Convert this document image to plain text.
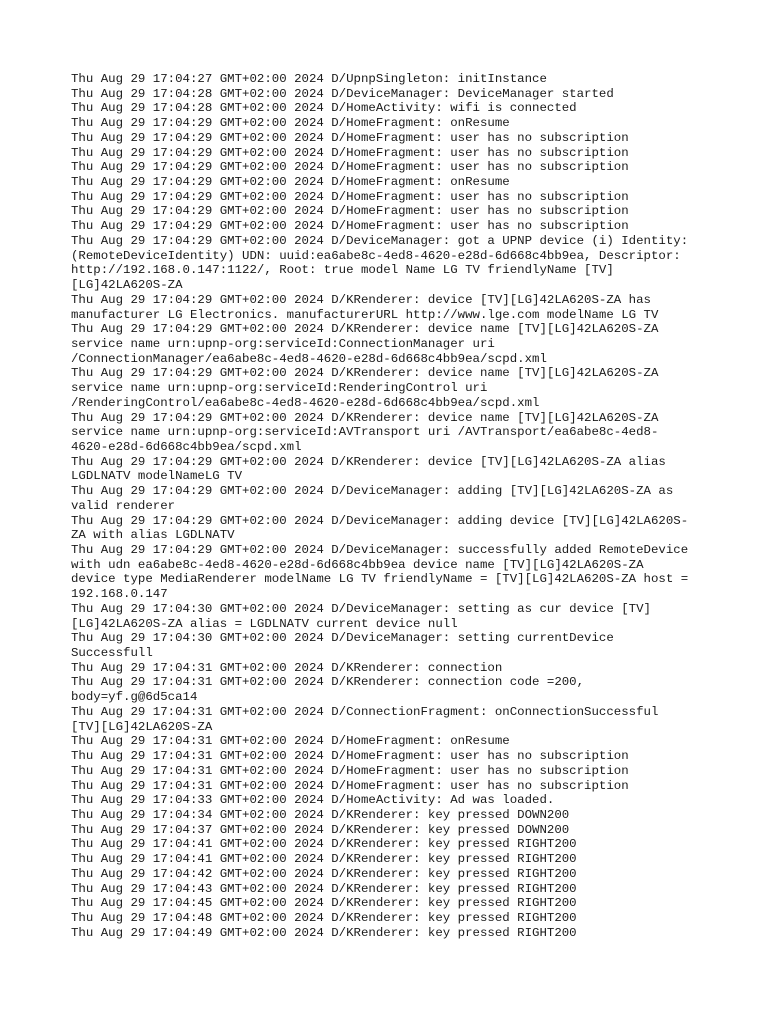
Thu Aug 29 17:04:27 GMT+02:00 2024 D/UpnpSingleton: initInstance
Thu Aug 29 17:04:28 GMT+02:00 2024 D/DeviceManager: DeviceManager started
Thu Aug 29 17:04:28 GMT+02:00 2024 D/HomeActivity: wifi is connected
Thu Aug 29 17:04:29 GMT+02:00 2024 D/HomeFragment: onResume
Thu Aug 29 17:04:29 GMT+02:00 2024 D/HomeFragment: user has no subscription
Thu Aug 29 17:04:29 GMT+02:00 2024 D/HomeFragment: user has no subscription
Thu Aug 29 17:04:29 GMT+02:00 2024 D/HomeFragment: user has no subscription
Thu Aug 29 17:04:29 GMT+02:00 2024 D/HomeFragment: onResume
Thu Aug 29 17:04:29 GMT+02:00 2024 D/HomeFragment: user has no subscription
Thu Aug 29 17:04:29 GMT+02:00 2024 D/HomeFragment: user has no subscription
Thu Aug 29 17:04:29 GMT+02:00 2024 D/HomeFragment: user has no subscription
Thu Aug 29 17:04:29 GMT+02:00 2024 D/DeviceManager: got a UPNP device (i) Identity:
(RemoteDeviceIdentity) UDN: uuid:ea6abe8c-4ed8-4620-e28d-6d668c4bb9ea, Descriptor:
http://192.168.0.147:1122/, Root: true model Name LG TV friendlyName [TV]
[LG]42LA620S-ZA
Thu Aug 29 17:04:29 GMT+02:00 2024 D/KRenderer: device [TV][LG]42LA620S-ZA has
manufacturer LG Electronics. manufacturerURL http://www.lge.com modelName LG TV
Thu Aug 29 17:04:29 GMT+02:00 2024 D/KRenderer: device name [TV][LG]42LA620S-ZA
service name urn:upnp-org:serviceId:ConnectionManager uri
/ConnectionManager/ea6abe8c-4ed8-4620-e28d-6d668c4bb9ea/scpd.xml
Thu Aug 29 17:04:29 GMT+02:00 2024 D/KRenderer: device name [TV][LG]42LA620S-ZA
service name urn:upnp-org:serviceId:RenderingControl uri
/RenderingControl/ea6abe8c-4ed8-4620-e28d-6d668c4bb9ea/scpd.xml
Thu Aug 29 17:04:29 GMT+02:00 2024 D/KRenderer: device name [TV][LG]42LA620S-ZA
service name urn:upnp-org:serviceId:AVTransport uri /AVTransport/ea6abe8c-4ed8-
4620-e28d-6d668c4bb9ea/scpd.xml
Thu Aug 29 17:04:29 GMT+02:00 2024 D/KRenderer: device [TV][LG]42LA620S-ZA alias
LGDLNATV modelNameLG TV
Thu Aug 29 17:04:29 GMT+02:00 2024 D/DeviceManager: adding [TV][LG]42LA620S-ZA as
valid renderer
Thu Aug 29 17:04:29 GMT+02:00 2024 D/DeviceManager: adding device [TV][LG]42LA620S-
ZA with alias LGDLNATV
Thu Aug 29 17:04:29 GMT+02:00 2024 D/DeviceManager: successfully added RemoteDevice
with udn ea6abe8c-4ed8-4620-e28d-6d668c4bb9ea device name [TV][LG]42LA620S-ZA
device type MediaRenderer modelName LG TV friendlyName = [TV][LG]42LA620S-ZA host =
192.168.0.147
Thu Aug 29 17:04:30 GMT+02:00 2024 D/DeviceManager: setting as cur device [TV]
[LG]42LA620S-ZA alias = LGDLNATV current device null
Thu Aug 29 17:04:30 GMT+02:00 2024 D/DeviceManager: setting currentDevice
Successfull
Thu Aug 29 17:04:31 GMT+02:00 2024 D/KRenderer: connection
Thu Aug 29 17:04:31 GMT+02:00 2024 D/KRenderer: connection code =200,
body=yf.g@6d5ca14
Thu Aug 29 17:04:31 GMT+02:00 2024 D/ConnectionFragment: onConnectionSuccessful
[TV][LG]42LA620S-ZA
Thu Aug 29 17:04:31 GMT+02:00 2024 D/HomeFragment: onResume
Thu Aug 29 17:04:31 GMT+02:00 2024 D/HomeFragment: user has no subscription
Thu Aug 29 17:04:31 GMT+02:00 2024 D/HomeFragment: user has no subscription
Thu Aug 29 17:04:31 GMT+02:00 2024 D/HomeFragment: user has no subscription
Thu Aug 29 17:04:33 GMT+02:00 2024 D/HomeActivity: Ad was loaded.
Thu Aug 29 17:04:34 GMT+02:00 2024 D/KRenderer: key pressed DOWN200
Thu Aug 29 17:04:37 GMT+02:00 2024 D/KRenderer: key pressed DOWN200
Thu Aug 29 17:04:41 GMT+02:00 2024 D/KRenderer: key pressed RIGHT200
Thu Aug 29 17:04:41 GMT+02:00 2024 D/KRenderer: key pressed RIGHT200
Thu Aug 29 17:04:42 GMT+02:00 2024 D/KRenderer: key pressed RIGHT200
Thu Aug 29 17:04:43 GMT+02:00 2024 D/KRenderer: key pressed RIGHT200
Thu Aug 29 17:04:45 GMT+02:00 2024 D/KRenderer: key pressed RIGHT200
Thu Aug 29 17:04:48 GMT+02:00 2024 D/KRenderer: key pressed RIGHT200
Thu Aug 29 17:04:49 GMT+02:00 2024 D/KRenderer: key pressed RIGHT200
